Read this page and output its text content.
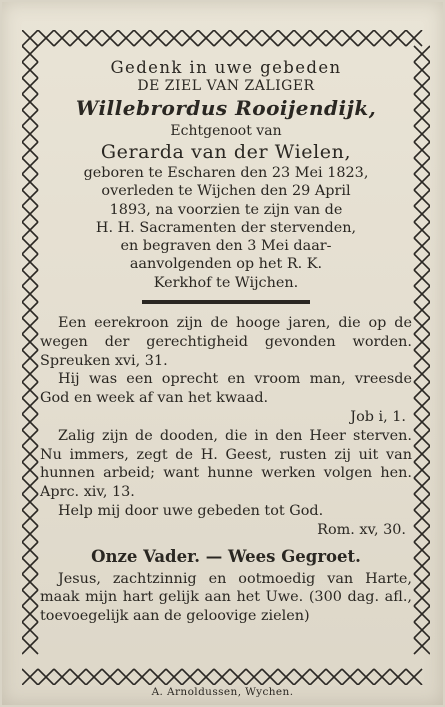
Gedenk in uwe gebeden

DE ZIEL VAN ZALIGER

Willebrordus Rooijendijk,

Echtgenoot van

Gerarda van der Wielen,

geboren te Escharen den 23 Mei 1823,

overleden te Wijchen den 29 April

1893, na voorzien te zijn van de

H. H. Sacramenten der stervenden,

en begraven den 3 Mei daar-

aanvolgenden op het R. K.

Kerkhof te Wijchen.

Een eerekroon zijn de hooge jaren, die op de wegen der gerechtigheid gevonden worden. Spreuken xvi, 31.

Hij was een oprecht en vroom man, vreesde God en week af van het kwaad.

Job i, 1.

Zalig zijn de dooden, die in den Heer sterven. Nu immers, zegt de H. Geest, rusten zij uit van hunnen arbeid; want hunne werken volgen hen. Aprc. xiv, 13.

Help mij door uwe gebeden tot God.

Rom. xv, 30.

Onze Vader. — Wees Gegroet.

Jesus, zachtzinnig en ootmoedig van Harte, maak mijn hart gelijk aan het Uwe. (300 dag. afl., toevoegelijk aan de geloovige zielen)

A. Arnoldussen, Wychen.
